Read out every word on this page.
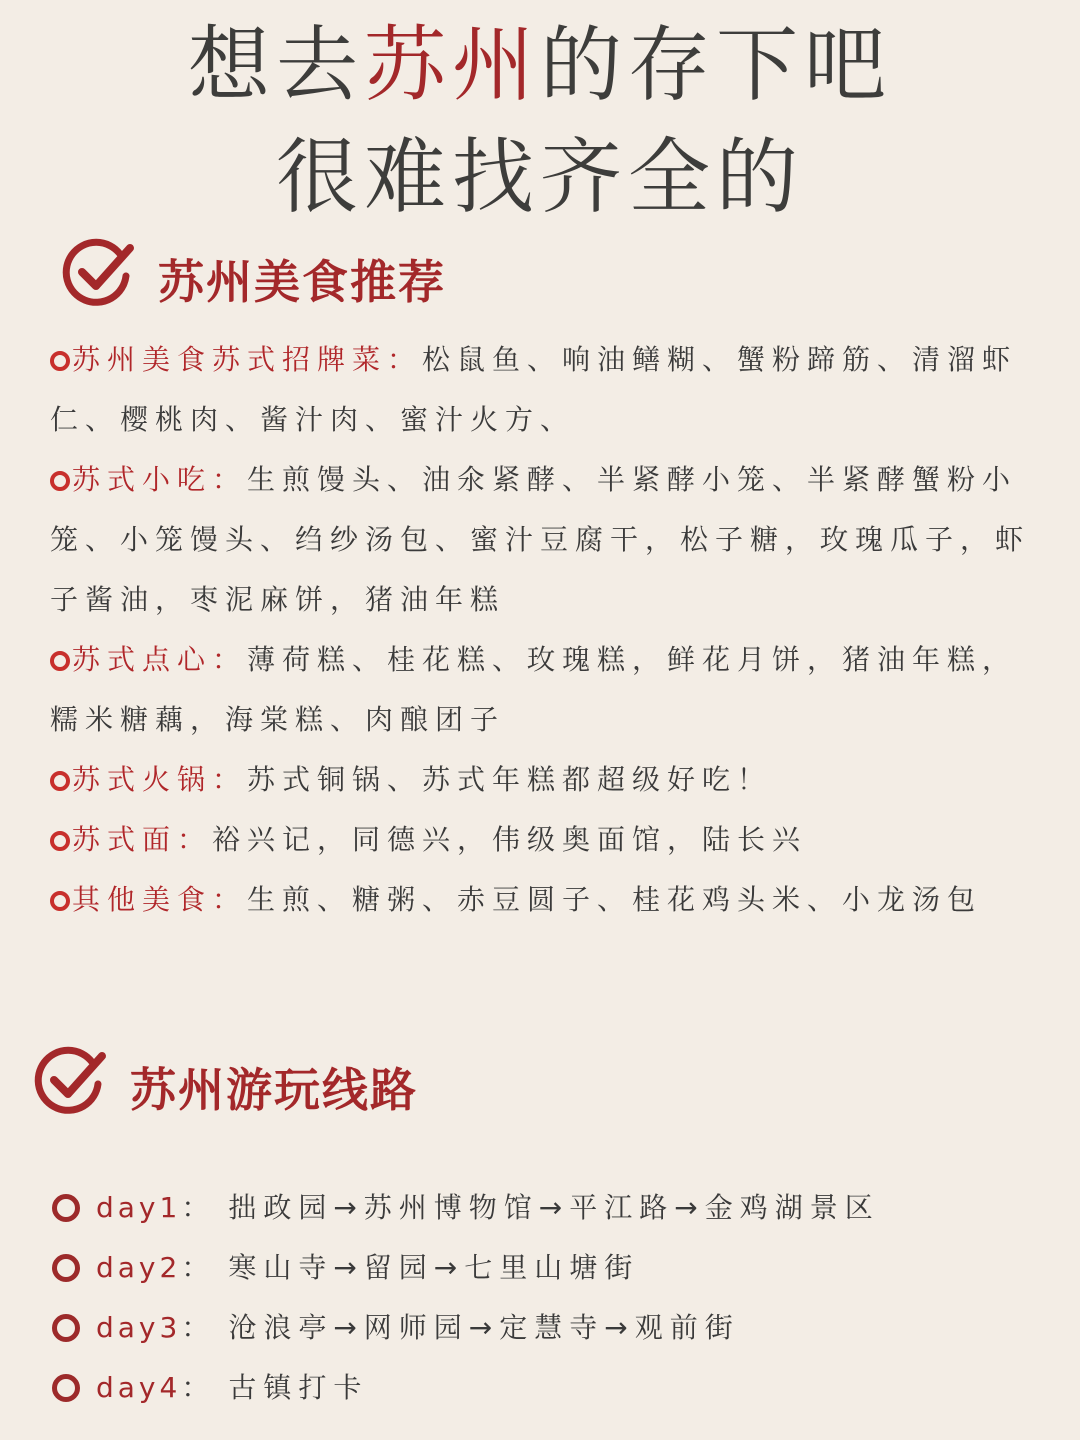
想去苏州的存下吧
很难找齐全的
苏州美食推荐

苏州美食苏式招牌菜：松鼠鱼、响油鳝糊、蟹粉蹄筋、清溜虾仁、樱桃肉、酱汁肉、蜜汁火方、

苏式小吃：生煎馒头、油氽紧酵、半紧酵小笼、半紧酵蟹粉小笼、小笼馒头、绉纱汤包、蜜汁豆腐干，松子糖，玫瑰瓜子，虾子酱油，枣泥麻饼，猪油年糕

苏式点心：薄荷糕、桂花糕、玫瑰糕，鲜花月饼，猪油年糕，糯米糖藕，海棠糕、肉酿团子

苏式火锅：苏式铜锅、苏式年糕都超级好吃！

苏式面：裕兴记，同德兴，伟级奥面馆，陆长兴

其他美食：生煎、糖粥、赤豆圆子、桂花鸡头米、小龙汤包

苏州游玩线路
day1 ： 拙政园→苏州博物馆→平江路→金鸡湖景区
day2 ： 寒山寺→留园→七里山塘街
day3 ： 沧浪亭→网师园→定慧寺→观前街
day4 ： 古镇打卡
